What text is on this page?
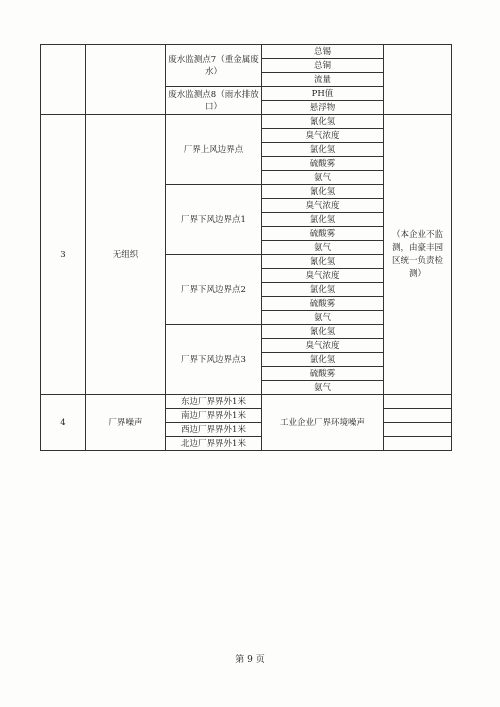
		废水监测点7（重金属废水）	总锡	
			总铜	
			流量	
		废水监测点8（雨水排放口）	PH值	
			悬浮物	
3	无组织	厂界上风边界点	氰化氢	（本企业不监测，由豪丰园区统一负责检测）
			臭气浓度	
			氯化氢	
			硫酸雾	
			氨气	
		厂界下风边界点1	氰化氢	
			臭气浓度	
			氯化氢	
			硫酸雾	
			氨气	
		厂界下风边界点2	氰化氢	
			臭气浓度	
			氯化氢	
			硫酸雾	
			氨气	
		厂界下风边界点3	氰化氢	
			臭气浓度	
			氯化氢	
			硫酸雾	
			氨气	
4	厂界噪声	东边厂界界外1米	工业企业厂界环境噪声	
		南边厂界界外1米		
		西边厂界界外1米		
		北边厂界界外1米		
第 9 页
